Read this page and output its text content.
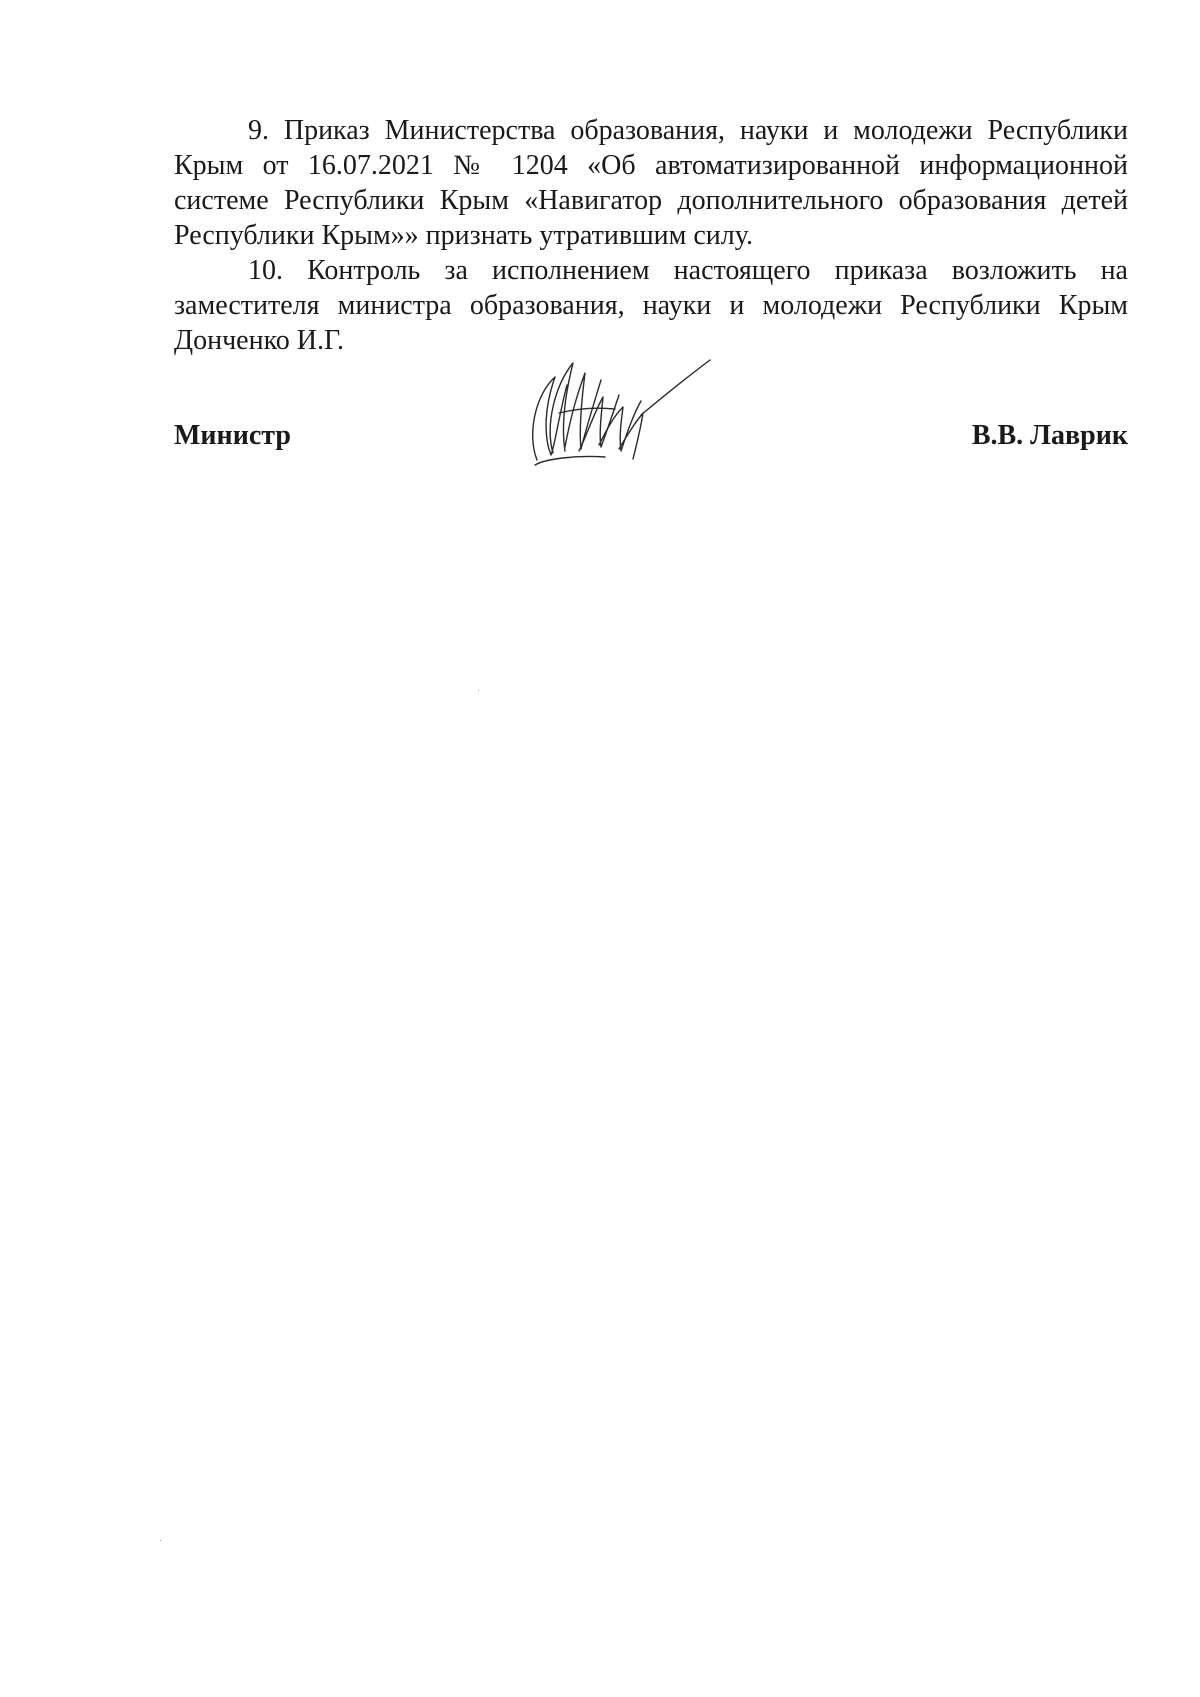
9. Приказ Министерства образования, науки и молодежи Республики Крым от 16.07.2021 № 1204 «Об автоматизированной информационной системе Республики Крым «Навигатор дополнительного образования детей Республики Крым»» признать утратившим силу.

10. Контроль за исполнением настоящего приказа возложить на заместителя министра образования, науки и молодежи Республики Крым Донченко И.Г.

Министр	В.В. Лаврик
